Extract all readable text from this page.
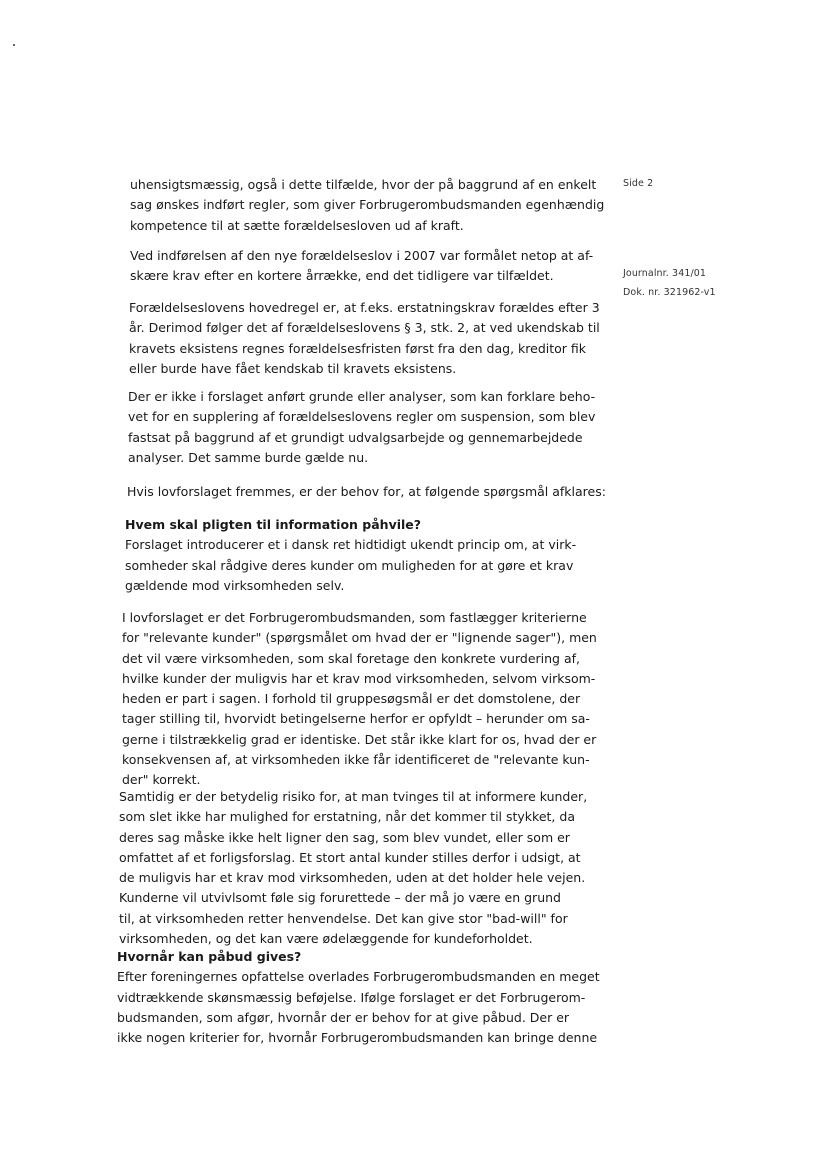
Side 2
Journalnr. 341/01
Dok. nr. 321962-v1
uhensigtsmæssig, også i dette tilfælde, hvor der på baggrund af en enkelt
sag ønskes indført regler, som giver Forbrugerombudsmanden egenhændig
kompetence til at sætte forældelsesloven ud af kraft.
Ved indførelsen af den nye forældelseslov i 2007 var formålet netop at af-
skære krav efter en kortere årrække, end det tidligere var tilfældet.
Forældelseslovens hovedregel er, at f.eks. erstatningskrav forældes efter 3
år. Derimod følger det af forældelseslovens § 3, stk. 2, at ved ukendskab til
kravets eksistens regnes forældelsesfristen først fra den dag, kreditor fik
eller burde have fået kendskab til kravets eksistens.
Der er ikke i forslaget anført grunde eller analyser, som kan forklare beho-
vet for en supplering af forældelseslovens regler om suspension, som blev
fastsat på baggrund af et grundigt udvalgsarbejde og gennemarbejdede
analyser. Det samme burde gælde nu.
Hvis lovforslaget fremmes, er der behov for, at følgende spørgsmål afklares:
Hvem skal pligten til information påhvile?
Forslaget introducerer et i dansk ret hidtidigt ukendt princip om, at virk-
somheder skal rådgive deres kunder om muligheden for at gøre et krav
gældende mod virksomheden selv.
I lovforslaget er det Forbrugerombudsmanden, som fastlægger kriterierne
for "relevante kunder" (spørgsmålet om hvad der er "lignende sager"), men
det vil være virksomheden, som skal foretage den konkrete vurdering af,
hvilke kunder der muligvis har et krav mod virksomheden, selvom virksom-
heden er part i sagen. I forhold til gruppesøgsmål er det domstolene, der
tager stilling til, hvorvidt betingelserne herfor er opfyldt – herunder om sa-
gerne i tilstrækkelig grad er identiske. Det står ikke klart for os, hvad der er
konsekvensen af, at virksomheden ikke får identificeret de "relevante kun-
der" korrekt.
Samtidig er der betydelig risiko for, at man tvinges til at informere kunder,
som slet ikke har mulighed for erstatning, når det kommer til stykket, da
deres sag måske ikke helt ligner den sag, som blev vundet, eller som er
omfattet af et forligsforslag. Et stort antal kunder stilles derfor i udsigt, at
de muligvis har et krav mod virksomheden, uden at det holder hele vejen.
Kunderne vil utvivlsomt føle sig forurettede – der må jo være en grund
til, at virksomheden retter henvendelse. Det kan give stor "bad-will" for
virksomheden, og det kan være ødelæggende for kundeforholdet.
Hvornår kan påbud gives?
Efter foreningernes opfattelse overlades Forbrugerombudsmanden en meget
vidtrækkende skønsmæssig beføjelse. Ifølge forslaget er det Forbrugerom-
budsmanden, som afgør, hvornår der er behov for at give påbud. Der er
ikke nogen kriterier for, hvornår Forbrugerombudsmanden kan bringe denne
